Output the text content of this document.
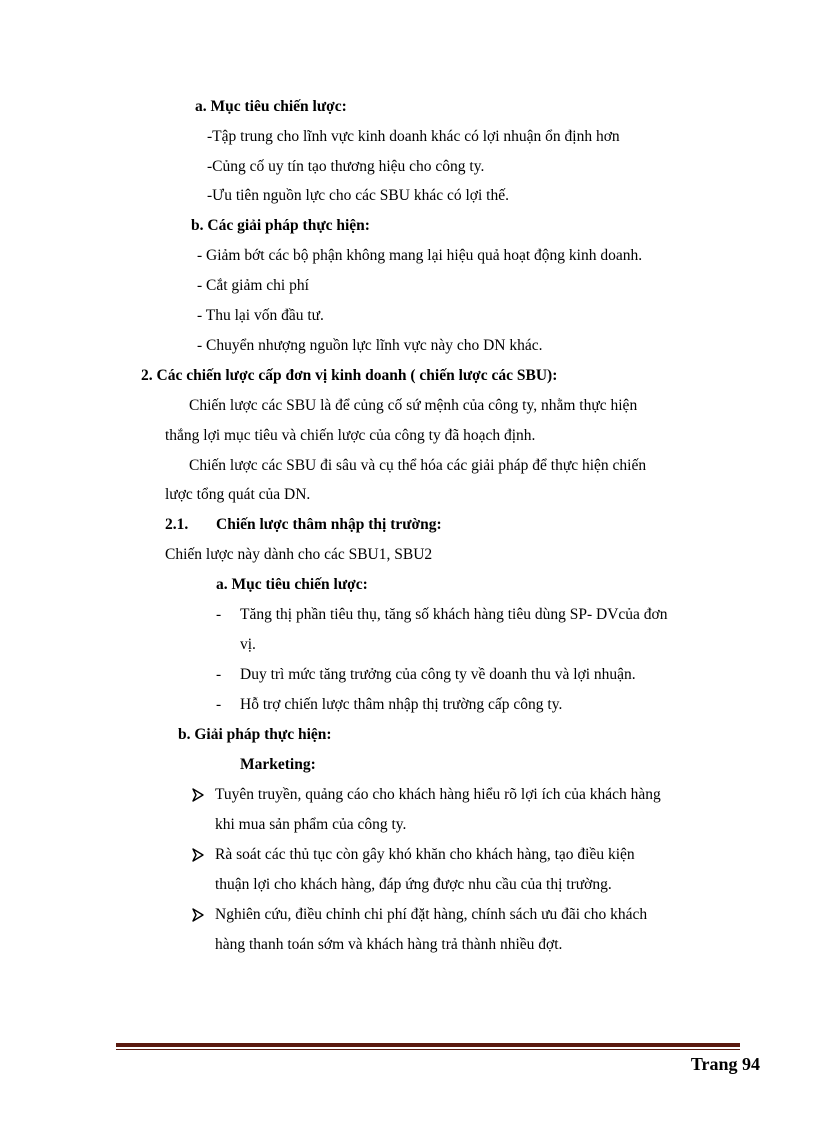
a. Mục tiêu chiến lược:
-Tập trung cho lĩnh vực kinh doanh khác có lợi nhuận ổn định hơn
-Củng cố uy tín tạo thương hiệu cho công ty.
-Ưu tiên nguồn lực cho các SBU khác có lợi thế.
b. Các giải pháp thực hiện:
- Giảm bớt các bộ phận không mang lại hiệu quả hoạt động kinh doanh.
- Cắt giảm chi phí
- Thu lại vốn đầu tư.
- Chuyển nhượng nguồn lực lĩnh vực này cho DN khác.
2. Các chiến lược cấp đơn vị kinh doanh ( chiến lược các SBU):
Chiến lược các SBU là để củng cố sứ mệnh của công ty, nhằm thực hiện
thắng lợi mục tiêu và chiến lược của công ty đã hoạch định.
Chiến lược các SBU đi sâu và cụ thể hóa các giải pháp để thực hiện chiến
lược tổng quát của DN.
2.1. Chiến lược thâm nhập thị trường:
Chiến lược này dành cho các SBU1, SBU2
a. Mục tiêu chiến lược:
- Tăng thị phần tiêu thụ, tăng số khách hàng tiêu dùng SP- DVcủa đơn
vị.
- Duy trì mức tăng trưởng của công ty về doanh thu và lợi nhuận.
- Hỗ trợ chiến lược thâm nhập thị trường cấp công ty.
b. Giải pháp thực hiện:
Marketing:
Tuyên truyền, quảng cáo cho khách hàng hiểu rõ lợi ích của khách hàng
khi mua sản phẩm của công ty.
Rà soát các thủ tục còn gây khó khăn cho khách hàng, tạo điều kiện
thuận lợi cho khách hàng, đáp ứng được nhu cầu của thị trường.
Nghiên cứu, điều chỉnh chi phí đặt hàng, chính sách ưu đãi cho khách
hàng thanh toán sớm và khách hàng trả thành nhiều đợt.
Trang 94
